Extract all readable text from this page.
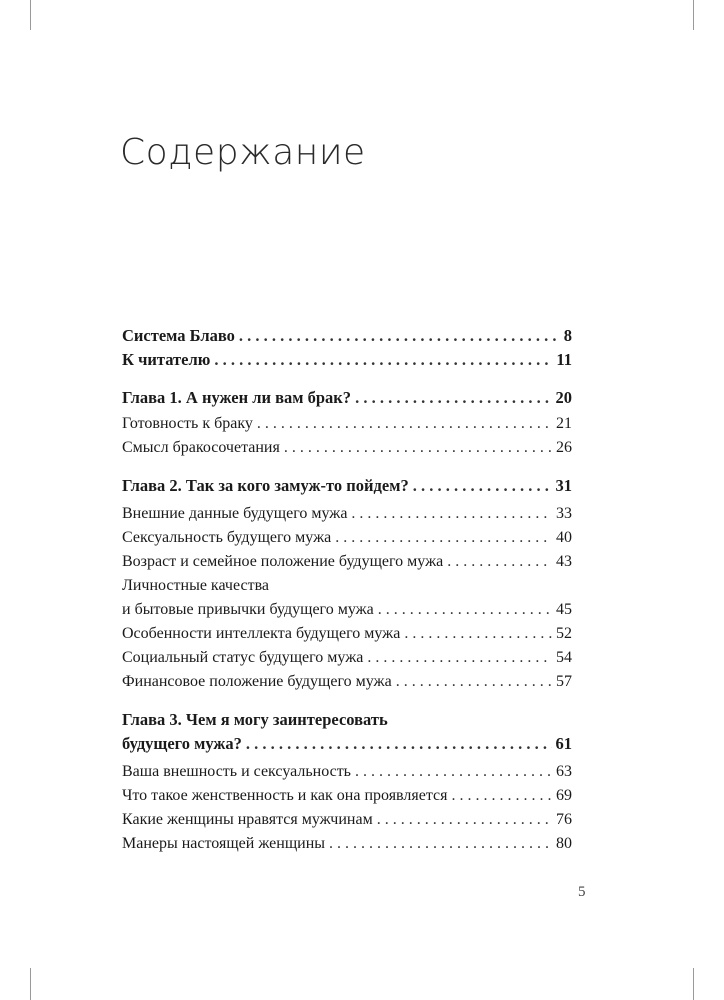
Содержание
Система Блаво . . .	8
К читателю . . .	11
Глава 1. А нужен ли вам брак? . . .	20
Готовность к браку . . .	21
Смысл бракосочетания . . .	26
Глава 2. Так за кого замуж-то пойдем? . . .	31
Внешние данные будущего мужа . . .	33
Сексуальность будущего мужа . . .	40
Возраст и семейное положение будущего мужа . . .	43
Личностные качества
и бытовые привычки будущего мужа . . .	45
Особенности интеллекта будущего мужа . . .	52
Социальный статус будущего мужа . . .	54
Финансовое положение будущего мужа . . .	57
Глава 3. Чем я могу заинтересовать
будущего мужа? . . .	61
Ваша внешность и сексуальность . . .	63
Что такое женственность и как она проявляется . . .	69
Какие женщины нравятся мужчинам . . .	76
Манеры настоящей женщины . . .	80
5
